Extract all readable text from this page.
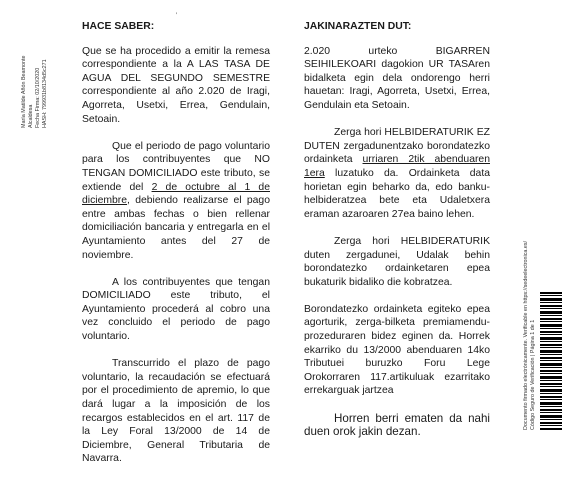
′
María Matilde Añón Beamonte Alcaldesa Fecha Firma: 02/10/2020 HASH: 799931b8134d5c271

HACE SABER:

Que se ha procedido a emitir la remesa correspondiente a la A LAS TASA DE AGUA DEL SEGUNDO SEMESTRE correspondiente al año 2.020 de Iragi, Agorreta, Usetxi, Errea, Gendulain, Setoain.

Que el periodo de pago voluntario para los contribuyentes que NO TENGAN DOMICILIADO este tributo, se extiende del 2 de octubre al 1 de diciembre, debiendo realizarse el pago entre ambas fechas o bien rellenar domiciliación bancaria y entregarla en el Ayuntamiento antes del 27 de noviembre.

A los contribuyentes que tengan DOMICILIADO este tributo, el Ayuntamiento procederá al cobro una vez concluido el periodo de pago voluntario.

Transcurrido el plazo de pago voluntario, la recaudación se efectuará por el procedimiento de apremio, lo que dará lugar a la imposición de los recargos establecidos en el art. 117 de la Ley Foral 13/2000 de 14 de Diciembre, General Tributaria de Navarra.

JAKINARAZTEN DUT:

2.020 urteko BIGARREN SEIHILEKOARI dagokion UR TASAren bidalketa egin dela ondorengo herri hauetan: Iragi, Agorreta, Usetxi, Errea, Gendulain eta Setoain.

Zerga hori HELBIDERATURIK EZ DUTEN zergadunentzako borondatezko ordainketa urriaren 2tik abenduaren 1era luzatuko da. Ordainketa data horietan egin beharko da, edo banku-helbideratzea bete eta Udaletxera eraman azaroaren 27ea baino lehen.

Zerga hori HELBIDERATURIK duten zergadunei, Udalak behin borondatezko ordainketaren epea bukaturik bidaliko die kobratzea.

Borondatezko ordainketa egiteko epea agorturik, zerga-bilketa premiamendu-prozeduraren bidez eginen da. Horrek ekarriko du 13/2000 abenduaren 14ko Tributuei buruzko Foru Lege Orokorraren 117.artikuluak ezarritako errekarguak jartzea

Horren berri ematen da nahi duen orok jakin dezan.

Documento firmado electrónicamente. Verificable en https://sedeelectronica.es/ Código Seguro de Verificación | Página 1 de 1
